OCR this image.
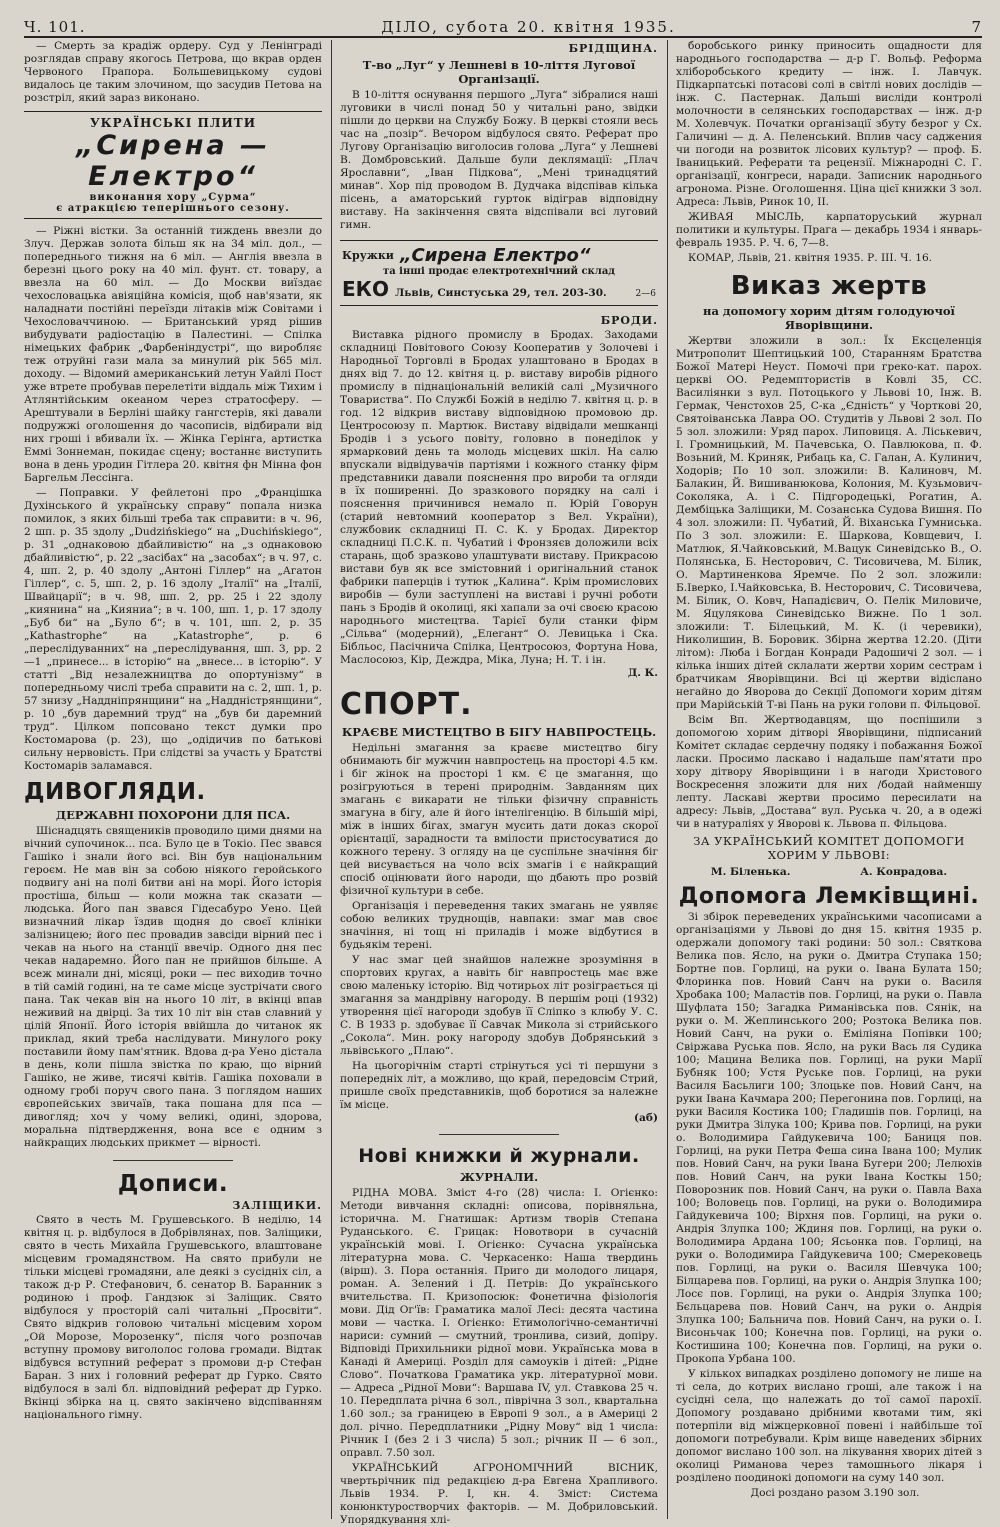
Ч. 101.	ДІЛО, субота 20. квітня 1935.	7

— Смерть за крадіж ордеру. Суд у Ленінграді розглядав справу якогось Петрова, що вкрав орден Червоного Прапора. Большевицькому судові видалось це таким злочином, що засудив Петова на розстріл, який зараз виконано.

УКРАЇНСЬКІ ПЛИТИ
„Сирена — Електро“
виконання хору „Сурма“
є атракцією теперішнього сезону.

— Ріжні вістки. За останній тиждень ввезли до Злуч. Держав золота більш як на 34 міл. дол., — попереднього тижня на 6 міл. — Англія ввезла в березні цього року на 40 міл. фунт. ст. товару, а ввезла на 60 міл. — До Москви виїздає чехословацька авіяційна комісія, щоб нав'язати, як наладнати постійні переїзди літаків між Совітами і Чехословаччиною. — Британський уряд рішив вибудувати радіостацію в Палестині. — Спілка німецьких фабрик „Фарбеніндустрі“, що виробляє теж отруйні гази мала за минулий рік 565 міл. доходу. — Відомий американський летун Уайлі Пост уже втрете пробував перелетіти віддаль між Тихим і Атлянтійським океаном через стратосферу. — Арештували в Берліні шайку гангстерів, які давали подружжі оголошення до часописів, відбирали від них гроші і вбивали їх. — Жінка Герінга, артистка Еммі Зоннеман, покидає сцену; востаннє виступить вона в день уродин Гітлера 20. квітня фн Мінна фон Баргельм Лессінга.

— Поправки. У фейлетоні про „Францішка Духінського й українську справу“ попала низка помилок, з яких більші треба так справити: в ч. 96, 2 шп. р. 35 здолу „Dudzińskiego“ на „Duchińskiego“, р. 31 „однаковою дбайливістю“ на „з однаковою дбайливістю“, р. 22 „засібах“ на „засобах“; в ч. 97, с. 4, шп. 2, р. 40 здолу „Антоні Гіллер“ на „Агатон Гіллер“, с. 5, шп. 2, р. 16 здолу „Італії“ на „Італії, Швайцарії“; в ч. 98, шп. 2, рр. 25 і 22 здолу „киянина“ на „Кияниа“; в ч. 100, шп. 1, р. 17 здолу „Буб би“ на „Було б“; в ч. 101, шп. 2, р. 35 „Kathastrophe“ на „Katastrophe“, р. 6 „переслідуванних“ на „переслідування, шп. 3, рр. 2—1 „принесе... в історію“ на „внесе... в історію“. У статті „Від незалежництва до опортунізму“ в попередньому числі треба справити на с. 2, шп. 1, р. 57 знизу „Наддніпрянщини“ на „Наддністрянщини“, р. 10 „був даремний труд“ на „був би даремний труд“. Цілком попсовано текст думки про Костомарова (р. 23), що „одідичив по батькові сильну нервовість. При слідстві за участь у Братстві Костомарів заламався.

ДИВОГЛЯДИ.
ДЕРЖАВНІ ПОХОРОНИ ДЛЯ ПСА.

Шіснадцять священиків проводило цими днями на вічний супочинок... пса. Було це в Токіо. Пес звався Гашіко і знали його всі. Він був національним героєм. Не мав він за собою ніякого геройського подвигу ані на полі битви ані на морі. Його історія простіша, більш — коли можна так сказати — людська. Його пан звався Гідесабуро Уено. Цей визначний лікар їздив щодня до своєї клініки залізницею; його пес провадив завсіди вірний пес і чекав на нього на станції ввечір. Одного дня пес чекав надаремно. Його пан не прийшов більше. А всеж минали дні, місяці, роки — пес виходив точно в тій самій годині, на те саме місце зустрічати свого пана. Так чекав він на нього 10 літ, в вкінці впав неживий на двірці. За тих 10 літ він став славний у цілій Японії. Його історія ввійшла до читанок як приклад, який треба наслідувати. Минулого року поставили йому пам'ятник. Вдова д-ра Уено дістала в день, коли пішла звістка по краю, що вірний Гашіко, не живе, тисячі квітів. Гашіка поховали в одному гробі поруч свого пана. З поглядом наших європейських звичаїв, така пошана для пса — дивогляд; хоч у чому великі, одині, здорова, моральна підтвердження, вона все є одним з найкращих людських прикмет — вірності.

Дописи.
ЗАЛІЩИКИ.

Свято в честь М. Грушевського. В неділю, 14 квітня ц. р. відбулося в Добрівлянах, пов. Заліщики, свято в честь Михайла Грушевського, влаштоване місцевим громадянством. На свято прибули не тільки місцеві громадяни, але деякі з сусідніх сіл, а також д-р Р. Стефанович, б. сенатор В. Баранник з родиною і проф. Гандзюк зі Заліщик. Свято відбулося у просторій салі читальні „Просвіти“. Свято відкрив головою читальні місцевим хором „Ой Морозе, Морозенку“, після чого розпочав вступну промову вигололос голова громади. Відтак відбувся вступний реферат з промови д-р Стефан Баран. З них і головний реферат др Гурко. Свято відбулося в залі бл. відповідний реферат др Гурко. Вкінці збірка на ц. свято закінчено відспіванням національного гімну.

БРІДЩИНА.
Т-во „Луг“ у Лешневі в 10-ліття Лугової Організації.

В 10-ліття оснування першого „Луга“ зібралися наші луговики в числі понад 50 у читальні рано, звідки пішли до церкви на Службу Божу. В церкві стояли весь час на „позір“. Вечором відбулося свято. Реферат про Лугову Організацію виголосив голова „Луга“ у Лешневі В. Домбровський. Дальше були деклямації: „Плач Ярославни“, „Іван Підкова“, „Мені тринадцятий минав“. Хор під проводом В. Дудчака відспівав кілька пісень, а аматорський гурток відіграв відповідну виставу. На закінчення свята відспівали всі луговий гимн.

Кружки „Сирена Електро“
та інші продає електротехнічний склад
ЕКО Львів, Синстуська 29, тел. 203-30.	2—6
БРОДИ.

Виставка рідного промислу в Бродах. Заходами складниці Повітового Союзу Кооператив у Золочеві і Народньої Торговлі в Бродах улаштовано в Бродах в днях від 7. до 12. квітня ц. р. виставу виробів рідного промислу в піднаціональній великій салі „Музичного Товариства“. По Службі Божій в неділю 7. квітня ц. р. в год. 12 відкрив виставу відповідною промовою др. Центросоюзу п. Мартюк. Виставу відвідали мешканці Бродів і з усього повіту, головно в понеділок у ярмарковий день та молодь місцевих шкіл. На салю впускали відвідувачів партіями і кожного станку фірм представники давали пояснення про вироби та огляди в їх поширенні. До зразкового порядку на салі і пояснення причинився немало п. Юрій Говорун (старий невтомний кооператор з Вел. України), службовик складниці П. С. К. у Бродах. Директор складниці П.С.К. п. Чубатий і Фронзяєв доложили всіх старань, щоб зразково улаштувати виставу. Прикрасою вистави був як все змістовний і оригінальний станок фабрики паперців і тутюк „Калина“. Крім промислових виробів — були заступлені на виставі і ручні роботи пань з Бродів й околиці, які хапали за очі своєю красою народнього мистецтва. Тарієї були станки фірм „Сільва“ (модерний), „Елегант“ О. Левицька і Ска. Бібльос, Пасічнича Спілка, Центросоюз, Фортуна Нова, Маслосоюз, Кір, Деждра, Міка, Луна; Н. Т. і ін.

Д. К.
СПОРТ.
КРАЄВЕ МИСТЕЦТВО В БІГУ НАВПРОСТЕЦЬ.

Недільні змагання за краєве мистецтво бігу обнимають біг мужчин навпростець на просторі 4.5 км. і біг жінок на просторі 1 км. Є це змагання, що розігруються в терені природнім. Завданням цих змагань є викарати не тільки фізичну справність змагуна в бігу, але й його інтелігенцію. В більшій мірі, між в інших бігах, змагун мусить дати доказ скорої орієнтації, зарадности та вмілости пристосуватися до кожного терену. З огляду на це суспільне значіння біг цей висувається на чоло всіх змагів і є найкращий спосіб оцінювати його народи, що дбають про розвій фізичної культури в себе.

Організація і переведення таких змагань не уявляє собою великих труднощів, навпаки: змаг мав своє значіння, ні тощ ні приладів і може відбутися в будьякім терені.

У нас змаг цей знайшов належне зрозуміння в спортових кругах, а навіть біг навпростець має вже свою маленьку історію. Від чотирьох літ розіграється ці змагання за мандрівну нагороду. В першім році (1932) утворення цієї нагороди здобув її Сліпко з клюбу У. С. С. В 1933 р. здобуває її Савчак Микола зі стрийського „Сокола“. Мин. року нагороду здобув Добрянський з львівського „Плаю“.

На цьогорічнім старті стрінуться усі ті першуни з попередніх літ, а можливо, що край, передовсім Стрий, пришле своїх представників, щоб боротися за належне їм місце.

(аб)
Нові книжки й журнали.
ЖУРНАЛИ.

РІДНА МОВА. Зміст 4-го (28) числа: І. Огієнко: Методи вивчання складні: описова, порівняльна, історична. М. Гнатишак: Артизм творів Степана Руданського. Є. Грицак: Новотвори в сучасній українській мові. І. Огієнко: Сучасна українська літературна мова. С. Черкасенко: Наша твердинь (вірш). 3. Пора останнія. Приго ди молодого лицаря, роман. А. Зелений і Д. Петрів: До українського вчительства. П. Кризопосюк: Фонетична фізіологія мови. Дід Ог'їв: Граматика малої Лесі: десята частина мови — частка. І. Огієнко: Етимологічно-семантичні нариси: сумний — смутний, тронлива, сизий, допіру. Відповіді Прихильники рідної мови. Українська мова в Канаді й Америці. Розділ для самоуків і дітей: „Рідне Слово“. Початкова Граматика укр. літературної мови. — Адреса „Рідної Мови“: Варшава IV, ул. Ставкова 25 ч. 10. Передплата річна 6 зол., піврічна 3 зол., квартальна 1.60 зол.; за границею в Европі 9 зол., а в Америці 2 дол. річно. Передплатники „Рідну Мову“ від 1 числа: Річник І (без 2 і 3 числа) 5 зол.; річник II — 6 зол., оправл. 7.50 зол.

УКРАЇНСЬКИЙ АГРОНОМІЧНИЙ ВІСНИК, чвертьрічник під редакцією д-ра Евгена Храпливого. Львів 1934. Р. І, кн. 4. Зміст: Система конюнктуростворчих факторів. — М. Добрилoвський. Упорядкування хлі-

боробського ринку приносить ощадности для народнього господарства — д-р Г. Вольф. Реформа хліборобського кредиту — інж. І. Лавчук. Підкарпатські потасові солі в світлі нових дослідів — інж. С. Пастернак. Дальші висліди контролі молочности в селянських господарствах — інж. д-р М. Холевчук. Початки організації збуту безрог у Сх. Галичині — д. А. Пеленський. Вплив часу саджения чи погоди на розвиток лісових культур? — проф. Б. Іваницький. Реферати та рецензії. Міжнародні С. Г. організації, конгреси, наради. Записник народнього агронома. Різне. Оголошення. Ціна цієї книжки 3 зол. Адреса: Львів, Ринок 10, II.

ЖИВАЯ МЫСЛЬ, карпаторуський журнал политики и культуры. Прага — декабрь 1934 і январь-февраль 1935. Р. Ч. 6, 7—8.

КОМАР, Львів, 21. квітня 1935. Р. III. Ч. 16.

Виказ жертв
на допомогу хорим дітям голодуючої Яворівщини.

Жертви зложили в зол.: Їх Ексцеленція Митрополит Шептицький 100, Старанням Братства Божої Матері Неуст. Помочі при греко-кат. парох. церкві ОО. Редемптористів в Ковлі 35, СС. Василіянки з вул. Потоцького у Львові 10, Інж. В. Гермак, Ченстохов 25, С-ка „Єдність“ у Чорткові 20, Святоіванська Лавра ОО. Студитів у Львові 2 зол. По 5 зол. зложили: Уряд парох. Липовиця. А. Ліськевич, І. Громницький, М. Пачевська, О. Павлюкова, п. Ф. Возьний, М. Криняк, Рибаць ка, С. Галан, А. Кулинич, Ходорів; По 10 зол. зложили: В. Калиновч, М. Балакин, Й. Вишиванюкова, Колония, М. Кузьмович-Соколяка, А. і С. Підгородецькі, Рогатин, А. Дембіцька Заліщики, М. Созанська Судова Вишня. По 4 зол. зложили: П. Чубатий, Й. Віханська Гумниська. По 3 зол. зложили: Е. Шаркова, Ковщевич, І. Матлюк, Я.Чайковський, М.Вацук Синевідсько В., О. Полянська, Б. Несторович, С. Тисовичева, М. Білик, О. Мартиненкова Яремче. По 2 зол. зложили: Б.Іверко, І.Чайковська, В. Несторович, С. Тисовичева, М. Білик, О. Ковч, Нападієвич, О. Пелік Миловиче, М. Яцулякова Синевідсько Вижне. По 1 зол. зложили: Т. Білецький, М. К. (і черевики), Николишин, В. Боровик. Збірна жертва 12.20. (Діти літом): Люба і Богдан Конради Радошичі 2 зол. — і кілька інших дітей склалати жертви хорим сестрам і братчикам Яворівщини. Всі ці жертви відіслано негайно до Яворова до Секції Допомоги хорим дітям при Марійській Т-ві Пань на руки голови п. Фільцової.

Всім Вп. Жертводавцям, що поспішили з допомогою хорим дітворі Яворівщини, підписаний Комітет складає сердечну подяку і побажання Божої ласки. Просимо ласкаво і надальше пам'ятати про хору дітвору Яворівщини і в нагоди Христового Воскресення зложити для них /бодай найменшу лепту. Ласкаві жертви просимо пересилати на адресу: Львів, „Достава“ вул. Руська ч. 20, а в одежі чи в натураліях у Яворові к. Львова п. Фільцова.

ЗА УКРАЇНСЬКИЙ КОМІТЕТ ДОПОМОГИ ХОРИМ У ЛЬВОВІ:
М. Біленька.	А. Конрадова.
Допомога Лемківщині.

Зі збірок переведених українськими часописами а організаціями у Львові до дня 15. квітня 1935 р. одержали допомогу такі родини: 50 зол.: Святкова Велика пов. Ясло, на руки о. Дмитра Ступака 150; Бортне пов. Горлиці, на руки о. Івана Булата 150; Флоринка пов. Новий Санч на руки о. Василя Хробака 100; Маластів пов. Горлиці, на руки о. Павла Шуфлата 150; Загадка Риманівська пов. Сянік, на руки о. М. Жеплинського 200; Розтока Велика пов. Новий Санч, на руки о. Еміліяна Попівки 100; Свіржава Руська пов. Ясло, на руки Вась ля Судика 100; Мацина Велика пов. Горлиці, на руки Марії Бубняк 100; Устя Руське пов. Горлиці, на руки Василя Басьлиги 100; Злоцьке пов. Новий Санч, на руки Івана Качмара 200; Перегонина пов. Горлиці, на руки Василя Костика 100; Гладишів пов. Горлиці, на руки Дмитра Зілука 100; Крива пов. Горлиці, на руки о. Володимира Гайдукевича 100; Баниця пов. Горлиці, на руки Петра Феша сина Івана 100; Мулик пов. Новий Санч, на руки Івана Бугери 200; Лелюхів пов. Новий Санч, на руки Івана Косткы 150; Поворозник пов. Новий Санч, на руки о. Павла Ваха 100; Воловець пов. Горлиці, на руки о. Володимира Гайдукевича 100; Вірхня пов. Горлиці, на руки о. Андрія Злупка 100; Ждиня пов. Горлиці, на руки о. Володимира Ардана 100; Ясьонка пов. Горлиці, на руки о. Володимира Гайдукевича 100; Смерековець пов. Горлиці, на руки о. Василя Шевчука 100; Білцарева пов. Горлиці, на руки о. Андрія Злупка 100; Лосє пов. Горлиці, на руки о. Андрія Злупка 100; Бєльцарева пов. Новий Санч, на руки о. Андрія Злупка 100; Бальнича пов. Новий Санч, на руки о. І. Висоньчак 100; Конечна пов. Горлиці, на руки о. Костишина 100; Конечна пов. Горлиці, на руки о. Прокопа Урбана 100.

У кількох випадках розділено допомогу не лише на ті села, до котрих вислано гроші, але також і на сусідні села, що належать до тої самої парохії. Допомогу роздавано дрібними квотами тим, які потерпіли від міжцерковної повені і найбільше тої допомоги потребували. Крім вище наведених збірних допомог вислано 100 зол. на лікування хворих дітей з околиці Риманова через тамошнього лікаря і розділено поодинокі допомоги на суму 140 зол.

Досі роздано разом 3.190 зол.
